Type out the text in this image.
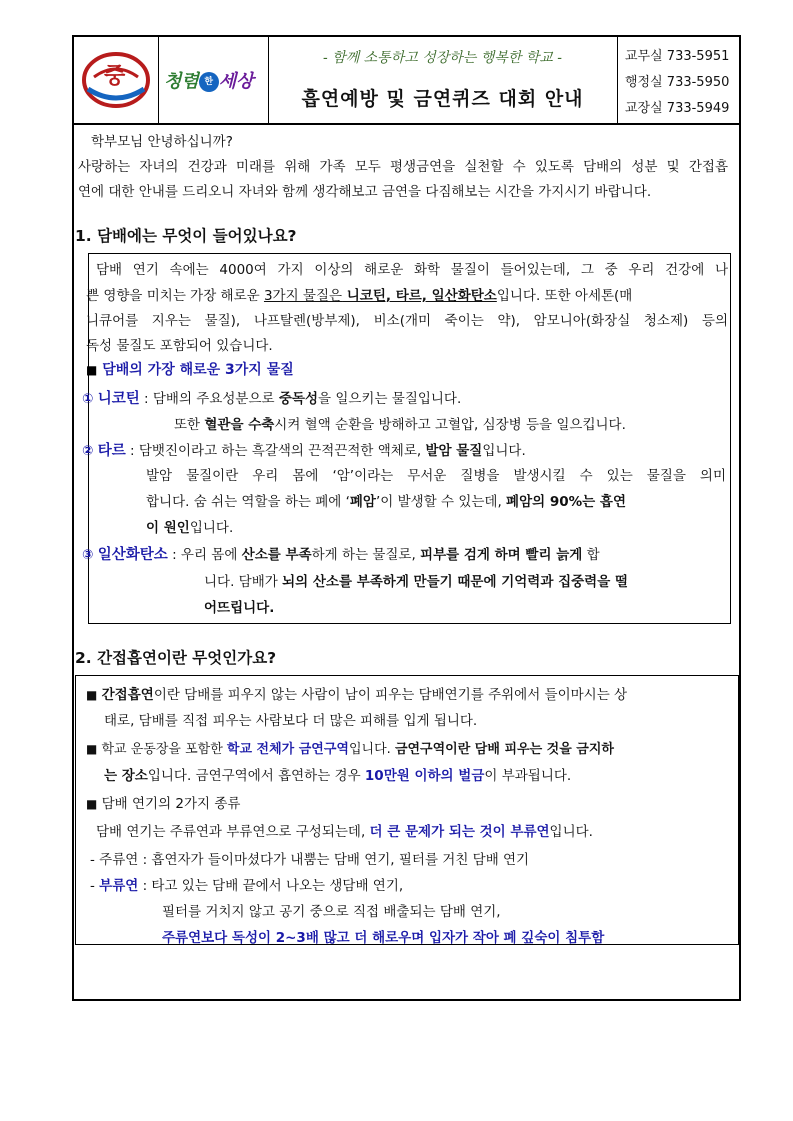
중 청렴 한 세상
- 함께 소통하고 성장하는 행복한 학교 -
흡연예방 및 금연퀴즈 대회 안내
교무실 733-5951
행정실 733-5950
교장실 733-5949
학부모님 안녕하십니까?
사랑하는 자녀의 건강과 미래를 위해 가족 모두 평생금연을 실천할 수 있도록 담배의 성분 및 간접흡
연에 대한 안내를 드리오니 자녀와 함께 생각해보고 금연을 다짐해보는 시간을 가지시기 바랍니다.
1. 담배에는 무엇이 들어있나요?
담배 연기 속에는 4000여 가지 이상의 해로운 화학 물질이 들어있는데, 그 중 우리 건강에 나
쁜 영향을 미치는 가장 해로운 3가지 물질은 니코틴, 타르, 일산화탄소입니다. 또한 아세톤(매
니큐어를 지우는 물질), 나프탈렌(방부제), 비소(개미 죽이는 약), 암모니아(화장실 청소제) 등의
독성 물질도 포함되어 있습니다.
■ 담배의 가장 해로운 3가지 물질
① 니코틴 : 담배의 주요성분으로 중독성을 일으키는 물질입니다.
또한 혈관을 수축시켜 혈액 순환을 방해하고 고혈압, 심장병 등을 일으킵니다.
② 타르 : 담뱃진이라고 하는 흑갈색의 끈적끈적한 액체로, 발암 물질입니다.
발암 물질이란 우리 몸에 ‘암’이라는 무서운 질병을 발생시킬 수 있는 물질을 의미
합니다. 숨 쉬는 역할을 하는 폐에 ‘폐암’이 발생할 수 있는데, 폐암의 90%는 흡연
이 원인입니다.
③ 일산화탄소 : 우리 몸에 산소를 부족하게 하는 물질로, 피부를 검게 하며 빨리 늙게 합
니다. 담배가 뇌의 산소를 부족하게 만들기 때문에 기억력과 집중력을 떨
어뜨립니다.
2. 간접흡연이란 무엇인가요?
■ 간접흡연이란 담배를 피우지 않는 사람이 남이 피우는 담배연기를 주위에서 들이마시는 상
태로, 담배를 직접 피우는 사람보다 더 많은 피해를 입게 됩니다.
■ 학교 운동장을 포함한 학교 전체가 금연구역입니다. 금연구역이란 담배 피우는 것을 금지하
는 장소입니다. 금연구역에서 흡연하는 경우 10만원 이하의 벌금이 부과됩니다.
■ 담배 연기의 2가지 종류
담배 연기는 주류연과 부류연으로 구성되는데, 더 큰 문제가 되는 것이 부류연입니다.
- 주류연 : 흡연자가 들이마셨다가 내뿜는 담배 연기, 필터를 거친 담배 연기
- 부류연 : 타고 있는 담배 끝에서 나오는 생담배 연기,
필터를 거치지 않고 공기 중으로 직접 배출되는 담배 연기,
주류연보다 독성이 2~3배 많고 더 해로우며 입자가 작아 폐 깊숙이 침투함
